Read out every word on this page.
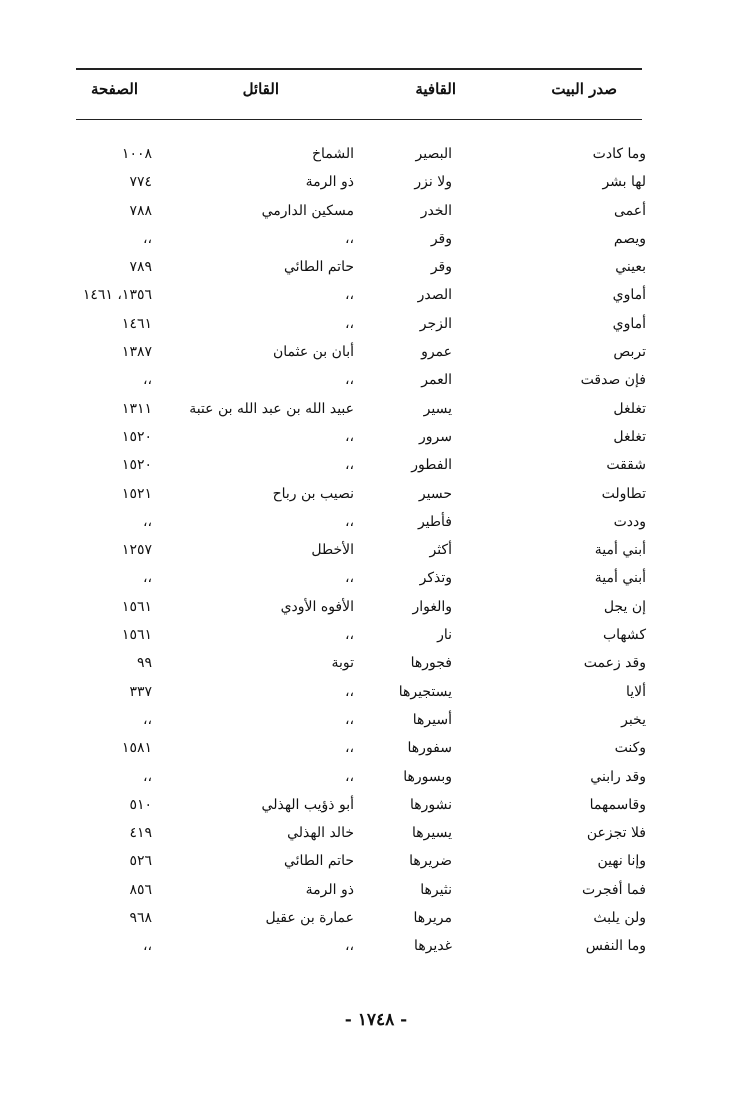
صدر البيت
القافية
القائل
الصفحة
وما كادت
البصير
الشماخ
١٠٠٨
لها بشر
ولا نزر
ذو الرمة
٧٧٤
أعمى
الخدر
مسكين الدارمي
٧٨٨
ويصم
وقر
،،
،،
بعيني
وقر
حاتم الطائي
٧٨٩
أماوي
الصدر
،،
١٣٥٦، ١٤٦١
أماوي
الزجر
،،
١٤٦١
تربص
عمرو
أبان بن عثمان
١٣٨٧
فإن صدقت
العمر
،،
،،
تغلغل
يسير
عبيد الله بن عبد الله بن عتبة
١٣١١
تغلغل
سرور
،،
١٥٢٠
شققت
الفطور
،،
١٥٢٠
تطاولت
حسير
نصيب بن رباح
١٥٢١
وددت
فأطير
،،
،،
أبني أمية
أكثر
الأخطل
١٢٥٧
أبني أمية
وتذكر
،،
،،
إن يجل
والغوار
الأفوه الأودي
١٥٦١
كشهاب
نار
،،
١٥٦١
وقد زعمت
فجورها
توبة
٩٩
ألايا
يستجيرها
،،
٣٣٧
يخبر
أسيرها
،،
،،
وكنت
سفورها
،،
١٥٨١
وقد رابني
وبسورها
،،
،،
وقاسمهما
نشورها
أبو ذؤيب الهذلي
٥١٠
فلا تجزعن
يسيرها
خالد الهذلي
٤١٩
وإنا نهين
ضريرها
حاتم الطائي
٥٢٦
فما أفجرت
نثيرها
ذو الرمة
٨٥٦
ولن يلبث
مريرها
عمارة بن عقيل
٩٦٨
وما النفس
غديرها
،،
،،
- ١٧٤٨ -
